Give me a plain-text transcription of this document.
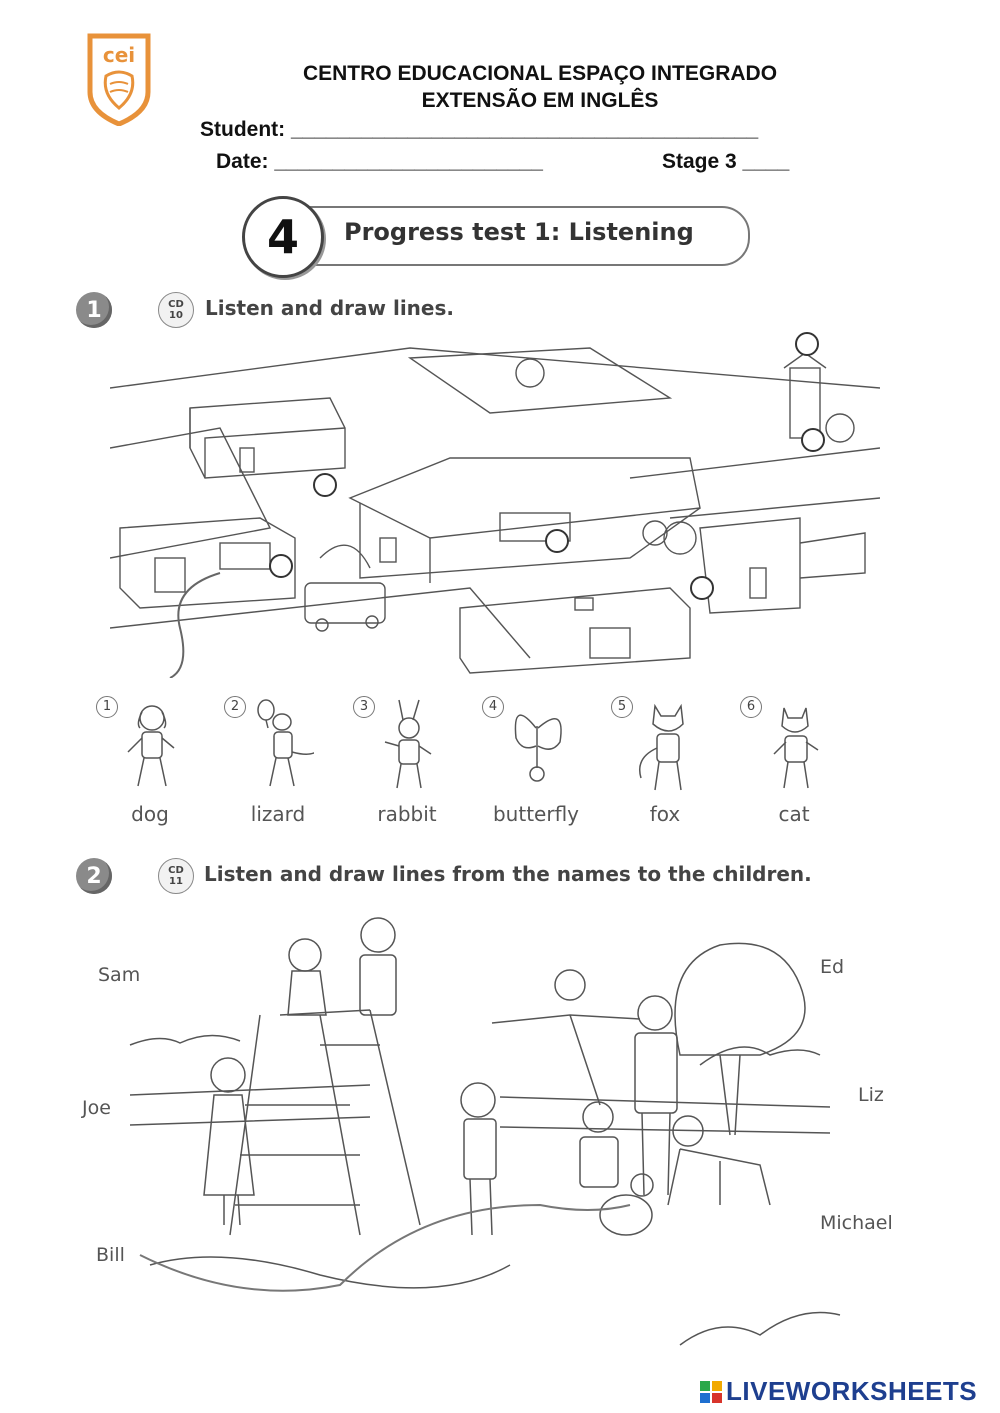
cei
CENTRO EDUCACIONAL ESPAÇO INTEGRADO
EXTENSÃO EM INGLÊS
Student: ________________________________________
Date: _______________________	Stage 3 ____
4	Progress test 1: Listening
1	CD
10 Listen and draw lines.
1
dog
2
lizard
3
rabbit
4
butterfly
5
fox
6
cat
2	CD
11 Listen and draw lines from the names to the children.
Sam
Joe
Bill
Ed
Liz
Michael
LIVEWORKSHEETS
